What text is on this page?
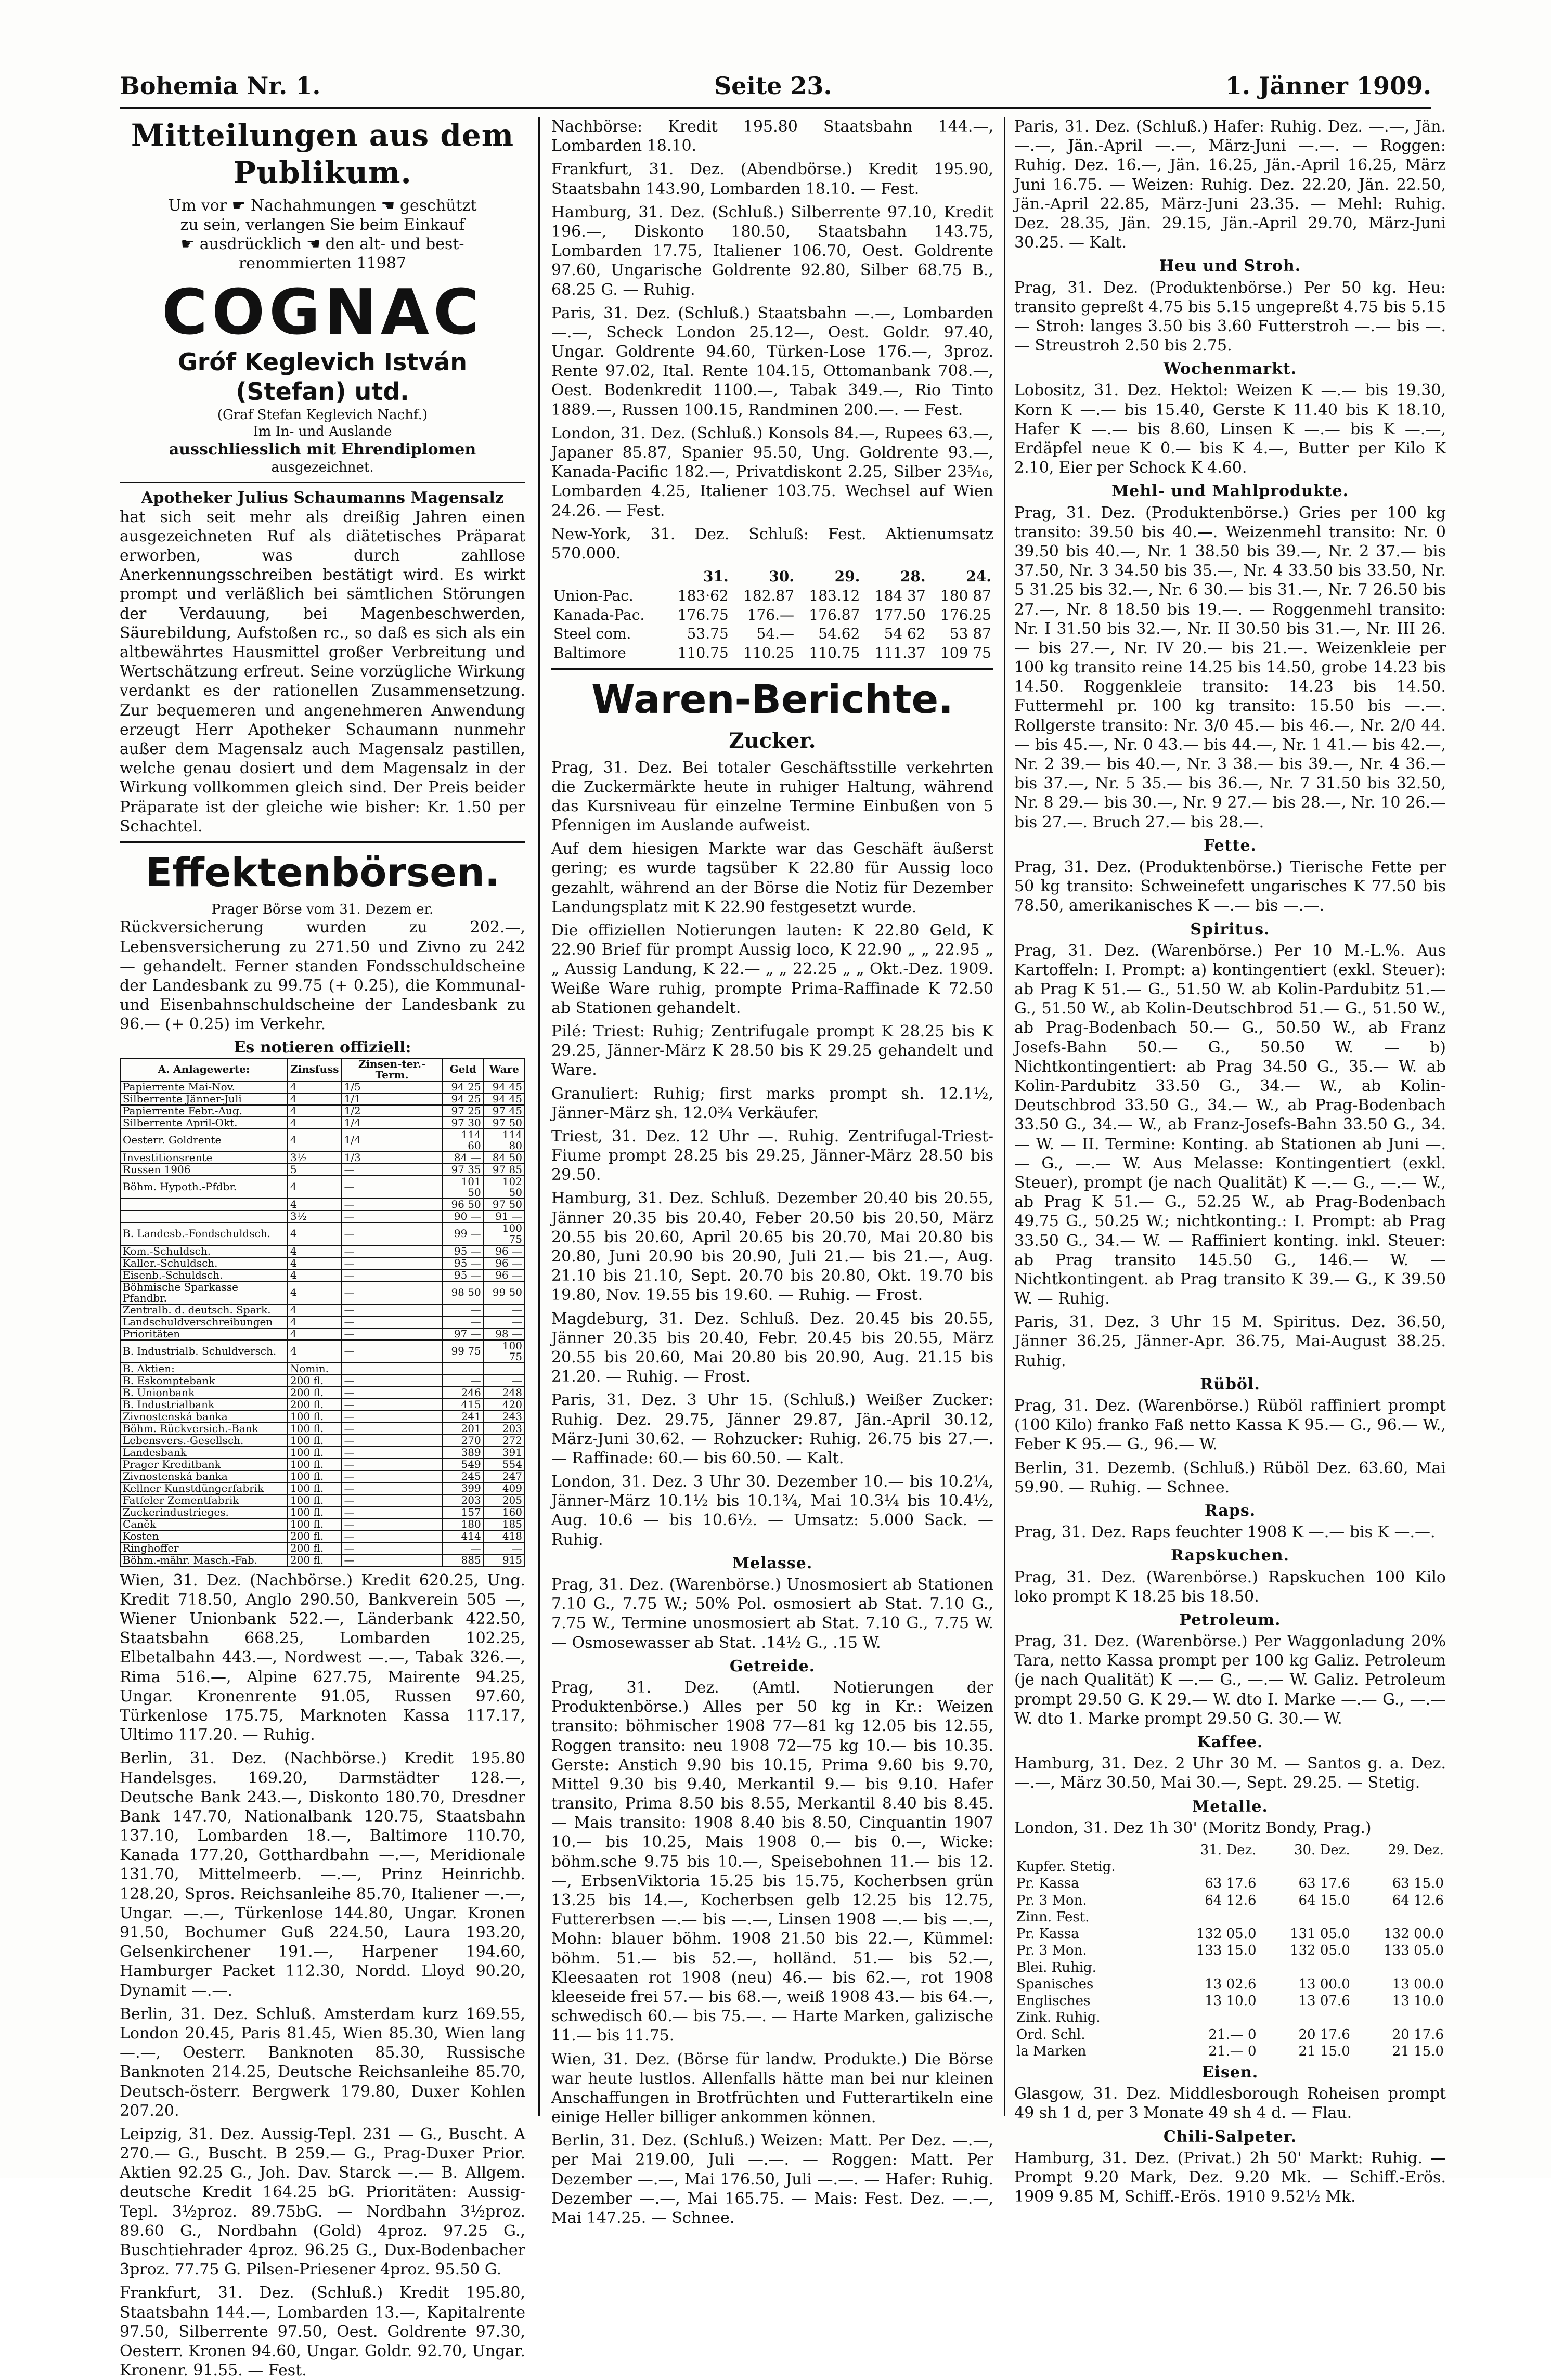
Bohemia Nr. 1.	Seite 23.	1. Jänner 1909.
Mitteilungen aus dem Publikum.

Um vor ☛ Nachahmungen ☚ geschützt

zu sein, verlangen Sie beim Einkauf

☛ ausdrücklich ☚ den alt- und best-

renommierten 11987

COGNAC
Gróf Keglevich István (Stefan) utd.

(Graf Stefan Keglevich Nachf.)

Im In- und Auslande

ausschliesslich mit Ehrendiplomen

ausgezeichnet.

Apotheker Julius Schaumanns Magensalz

hat sich seit mehr als dreißig Jahren einen ausgezeichneten Ruf als diätetisches Präparat erworben, was durch zahllose Anerkennungsschreiben bestätigt wird. Es wirkt prompt und verläßlich bei sämtlichen Störungen der Verdauung, bei Magenbeschwerden, Säurebildung, Aufstoßen rc., so daß es sich als ein altbewährtes Hausmittel großer Verbreitung und Wertschätzung erfreut. Seine vorzügliche Wirkung verdankt es der rationellen Zusammensetzung. Zur bequemeren und angenehmeren Anwendung erzeugt Herr Apotheker Schaumann nunmehr außer dem Magensalz auch Magensalz pastillen, welche genau dosiert und dem Magensalz in der Wirkung vollkommen gleich sind. Der Preis beider Präparate ist der gleiche wie bisher: Kr. 1.50 per Schachtel.

Effektenbörsen.

Prager Börse vom 31. Dezem er.

Rückversicherung wurden zu 202.—, Lebensversicherung zu 271.50 und Zivno zu 242 — gehandelt. Ferner standen Fondsschuldscheine der Landesbank zu 99.75 (+ 0.25), die Kommunal- und Eisenbahnschuldscheine der Landesbank zu 96.— (+ 0.25) im Verkehr.

Es notieren offiziell:

A. Anlagewerte:	Zinsfuss	Zinsen-ter.-Term.	Geld	Ware
Papierrente Mai-Nov.	4	1/5	94 25	94 45
Silberrente Jänner-Juli	4	1/1	94 25	94 45
Papierrente Febr.-Aug.	4	1/2	97 25	97 45
Silberrente April-Okt.	4	1/4	97 30	97 50
Oesterr. Goldrente	4	1/4	114 60	114 80
Investitionsrente	3½	1/3	84 —	84 50
Russen 1906	5	—	97 35	97 85
Böhm. Hypoth.-Pfdbr.	4	—	101 50	102 50
	4	—	96 50	97 50
	3½	—	90 —	91 —
B. Landesb.-Fondschuldsch.	4	—	99 —	100 75
Kom.-Schuldsch.	4	—	95 —	96 —
Kaller.-Schuldsch.	4	—	95 —	96 —
Eisenb.-Schuldsch.	4	—	95 —	96 —
Böhmische Sparkasse Pfandbr.	4	—	98 50	99 50
Zentralb. d. deutsch. Spark.	4	—	—	—
Landschuldverschreibungen	4	—	—	—
Prioritäten	4	—	97 —	98 —
B. Industrialb. Schuldversch.	4	—	99 75	100 75
B. Aktien:	Nomin.			
B. Eskomptebank	200 fl.	—	—	—
B. Unionbank	200 fl.	—	246	248
B. Industrialbank	200 fl.	—	415	420
Zivnostenská banka	100 fl.	—	241	243
Böhm. Rückversich.-Bank	100 fl.	—	201	203
Lebensvers.-Gesellsch.	100 fl.	—	270	272
Landesbank	100 fl.	—	389	391
Prager Kreditbank	100 fl.	—	549	554
Zivnostenská banka	100 fl.	—	245	247
Kellner Kunstdüngerfabrik	100 fl.	—	399	409
Fatfeler Zementfabrik	100 fl.	—	203	205
Zuckerindustrieges.	100 fl.	—	157	160
Caněk	100 fl.	—	180	185
Kosten	200 fl.	—	414	418
Ringhoffer	200 fl.	—	—	—
Böhm.-mähr. Masch.-Fab.	200 fl.	—	885	915

Wien, 31. Dez. (Nachbörse.) Kredit 620.25, Ung. Kredit 718.50, Anglo 290.50, Bankverein 505 —, Wiener Unionbank 522.—, Länderbank 422.50, Staatsbahn 668.25, Lombarden 102.25, Elbetalbahn 443.—, Nordwest —.—, Tabak 326.—, Rima 516.—, Alpine 627.75, Mairente 94.25, Ungar. Kronenrente 91.05, Russen 97.60, Türkenlose 175.75, Marknoten Kassa 117.17, Ultimo 117.20. — Ruhig.

Berlin, 31. Dez. (Nachbörse.) Kredit 195.80 Handelsges. 169.20, Darmstädter 128.—, Deutsche Bank 243.—, Diskonto 180.70, Dresdner Bank 147.70, Nationalbank 120.75, Staatsbahn 137.10, Lombarden 18.—, Baltimore 110.70, Kanada 177.20, Gotthardbahn —.—, Meridionale 131.70, Mittelmeerb. —.—, Prinz Heinrichb. 128.20, Spros. Reichsanleihe 85.70, Italiener —.—, Ungar. —.—, Türkenlose 144.80, Ungar. Kronen 91.50, Bochumer Guß 224.50, Laura 193.20, Gelsenkirchener 191.—, Harpener 194.60, Hamburger Packet 112.30, Nordd. Lloyd 90.20, Dynamit —.—.

Berlin, 31. Dez. Schluß. Amsterdam kurz 169.55, London 20.45, Paris 81.45, Wien 85.30, Wien lang —.—, Oesterr. Banknoten 85.30, Russische Banknoten 214.25, Deutsche Reichsanleihe 85.70, Deutsch-österr. Bergwerk 179.80, Duxer Kohlen 207.20.

Leipzig, 31. Dez. Aussig-Tepl. 231 — G., Buscht. A 270.— G., Buscht. B 259.— G., Prag-Duxer Prior. Aktien 92.25 G., Joh. Dav. Starck —.— B. Allgem. deutsche Kredit 164.25 bG. Prioritäten: Aussig-Tepl. 3½proz. 89.75bG. — Nordbahn 3½proz. 89.60 G., Nordbahn (Gold) 4proz. 97.25 G., Buschtiehrader 4proz. 96.25 G., Dux-Bodenbacher 3proz. 77.75 G. Pilsen-Priesener 4proz. 95.50 G.

Frankfurt, 31. Dez. (Schluß.) Kredit 195.80, Staatsbahn 144.—, Lombarden 13.—, Kapitalrente 97.50, Silberrente 97.50, Oest. Goldrente 97.30, Oesterr. Kronen 94.60, Ungar. Goldr. 92.70, Ungar. Kronenr. 91.55. — Fest.

Nachbörse: Kredit 195.80 Staatsbahn 144.—, Lombarden 18.10.

Frankfurt, 31. Dez. (Abendbörse.) Kredit 195.90, Staatsbahn 143.90, Lombarden 18.10. — Fest.

Hamburg, 31. Dez. (Schluß.) Silberrente 97.10, Kredit 196.—, Diskonto 180.50, Staatsbahn 143.75, Lombarden 17.75, Italiener 106.70, Oest. Goldrente 97.60, Ungarische Goldrente 92.80, Silber 68.75 B., 68.25 G. — Ruhig.

Paris, 31. Dez. (Schluß.) Staatsbahn —.—, Lombarden —.—, Scheck London 25.12—, Oest. Goldr. 97.40, Ungar. Goldrente 94.60, Türken-Lose 176.—, 3proz. Rente 97.02, Ital. Rente 104.15, Ottomanbank 708.—, Oest. Bodenkredit 1100.—, Tabak 349.—, Rio Tinto 1889.—, Russen 100.15, Randminen 200.—. — Fest.

London, 31. Dez. (Schluß.) Konsols 84.—, Rupees 63.—, Japaner 85.87, Spanier 95.50, Ung. Goldrente 93.—, Kanada-Pacific 182.—, Privatdiskont 2.25, Silber 23⁵⁄₁₆, Lombarden 4.25, Italiener 103.75. Wechsel auf Wien 24.26. — Fest.

New-York, 31. Dez. Schluß: Fest. Aktienumsatz 570.000.

	31.	30.	29.	28.	24.
Union-Pac.	183·62	182.87	183.12	184 37	180 87
Kanada-Pac.	176.75	176.—	176.87	177.50	176.25
Steel com.	53.75	54.—	54.62	54 62	53 87
Baltimore	110.75	110.25	110.75	111.37	109 75
Waren-Berichte.
Zucker.

Prag, 31. Dez. Bei totaler Geschäftsstille verkehrten die Zuckermärkte heute in ruhiger Haltung, während das Kursniveau für einzelne Termine Einbußen von 5 Pfennigen im Auslande aufweist.

Auf dem hiesigen Markte war das Geschäft äußerst gering; es wurde tagsüber K 22.80 für Aussig loco gezahlt, während an der Börse die Notiz für Dezember Landungsplatz mit K 22.90 festgesetzt wurde.

Die offiziellen Notierungen lauten: K 22.80 Geld, K 22.90 Brief für prompt Aussig loco, K 22.90 „ „ 22.95 „ „ Aussig Landung, K 22.— „ „ 22.25 „ „ Okt.-Dez. 1909. Weiße Ware ruhig, prompte Prima-Raffinade K 72.50 ab Stationen gehandelt.

Pilé: Triest: Ruhig; Zentrifugale prompt K 28.25 bis K 29.25, Jänner-März K 28.50 bis K 29.25 gehandelt und Ware.

Granuliert: Ruhig; first marks prompt sh. 12.1½, Jänner-März sh. 12.0¾ Verkäufer.

Triest, 31. Dez. 12 Uhr —. Ruhig. Zentrifugal-Triest-Fiume prompt 28.25 bis 29.25, Jänner-März 28.50 bis 29.50.

Hamburg, 31. Dez. Schluß. Dezember 20.40 bis 20.55, Jänner 20.35 bis 20.40, Feber 20.50 bis 20.50, März 20.55 bis 20.60, April 20.65 bis 20.70, Mai 20.80 bis 20.80, Juni 20.90 bis 20.90, Juli 21.— bis 21.—, Aug. 21.10 bis 21.10, Sept. 20.70 bis 20.80, Okt. 19.70 bis 19.80, Nov. 19.55 bis 19.60. — Ruhig. — Frost.

Magdeburg, 31. Dez. Schluß. Dez. 20.45 bis 20.55, Jänner 20.35 bis 20.40, Febr. 20.45 bis 20.55, März 20.55 bis 20.60, Mai 20.80 bis 20.90, Aug. 21.15 bis 21.20. — Ruhig. — Frost.

Paris, 31. Dez. 3 Uhr 15. (Schluß.) Weißer Zucker: Ruhig. Dez. 29.75, Jänner 29.87, Jän.-April 30.12, März-Juni 30.62. — Rohzucker: Ruhig. 26.75 bis 27.—. — Raffinade: 60.— bis 60.50. — Kalt.

London, 31. Dez. 3 Uhr 30. Dezember 10.— bis 10.2¼, Jänner-März 10.1½ bis 10.1¾, Mai 10.3¼ bis 10.4½, Aug. 10.6 — bis 10.6½. — Umsatz: 5.000 Sack. — Ruhig.

Melasse.

Prag, 31. Dez. (Warenbörse.) Unosmosiert ab Stationen 7.10 G., 7.75 W.; 50% Pol. osmosiert ab Stat. 7.10 G., 7.75 W., Termine unosmosiert ab Stat. 7.10 G., 7.75 W. — Osmosewasser ab Stat. .14½ G., .15 W.

Getreide.

Prag, 31. Dez. (Amtl. Notierungen der Produktenbörse.) Alles per 50 kg in Kr.: Weizen transito: böhmischer 1908 77—81 kg 12.05 bis 12.55, Roggen transito: neu 1908 72—75 kg 10.— bis 10.35. Gerste: Anstich 9.90 bis 10.15, Prima 9.60 bis 9.70, Mittel 9.30 bis 9.40, Merkantil 9.— bis 9.10. Hafer transito, Prima 8.50 bis 8.55, Merkantil 8.40 bis 8.45. — Mais transito: 1908 8.40 bis 8.50, Cinquantin 1907 10.— bis 10.25, Mais 1908 0.— bis 0.—, Wicke: böhm.sche 9.75 bis 10.—, Speisebohnen 11.— bis 12.—, ErbsenViktoria 15.25 bis 15.75, Kocherbsen grün 13.25 bis 14.—, Kocherbsen gelb 12.25 bis 12.75, Futtererbsen —.— bis —.—, Linsen 1908 —.— bis —.—, Mohn: blauer böhm. 1908 21.50 bis 22.—, Kümmel: böhm. 51.— bis 52.—, holländ. 51.— bis 52.—, Kleesaaten rot 1908 (neu) 46.— bis 62.—, rot 1908 kleeseide frei 57.— bis 68.—, weiß 1908 43.— bis 64.—, schwedisch 60.— bis 75.—. — Harte Marken, galizische 11.— bis 11.75.

Wien, 31. Dez. (Börse für landw. Produkte.) Die Börse war heute lustlos. Allenfalls hätte man bei nur kleinen Anschaffungen in Brotfrüchten und Futterartikeln eine einige Heller billiger ankommen können.

Berlin, 31. Dez. (Schluß.) Weizen: Matt. Per Dez. —.—, per Mai 219.00, Juli —.—. — Roggen: Matt. Per Dezember —.—, Mai 176.50, Juli —.—. — Hafer: Ruhig. Dezember —.—, Mai 165.75. — Mais: Fest. Dez. —.—, Mai 147.25. — Schnee.

Paris, 31. Dez. (Schluß.) Hafer: Ruhig. Dez. —.—, Jän. —.—, Jän.-April —.—, März-Juni —.—. — Roggen: Ruhig. Dez. 16.—, Jän. 16.25, Jän.-April 16.25, März Juni 16.75. — Weizen: Ruhig. Dez. 22.20, Jän. 22.50, Jän.-April 22.85, März-Juni 23.35. — Mehl: Ruhig. Dez. 28.35, Jän. 29.15, Jän.-April 29.70, März-Juni 30.25. — Kalt.

Heu und Stroh.

Prag, 31. Dez. (Produktenbörse.) Per 50 kg. Heu: transito gepreßt 4.75 bis 5.15 ungepreßt 4.75 bis 5.15 — Stroh: langes 3.50 bis 3.60 Futterstroh —.— bis —.— Streustroh 2.50 bis 2.75.

Wochenmarkt.

Lobositz, 31. Dez. Hektol: Weizen K —.— bis 19.30, Korn K —.— bis 15.40, Gerste K 11.40 bis K 18.10, Hafer K —.— bis 8.60, Linsen K —.— bis K —.—, Erdäpfel neue K 0.— bis K 4.—, Butter per Kilo K 2.10, Eier per Schock K 4.60.

Mehl- und Mahlprodukte.

Prag, 31. Dez. (Produktenbörse.) Gries per 100 kg transito: 39.50 bis 40.—. Weizenmehl transito: Nr. 0 39.50 bis 40.—, Nr. 1 38.50 bis 39.—, Nr. 2 37.— bis 37.50, Nr. 3 34.50 bis 35.—, Nr. 4 33.50 bis 33.50, Nr. 5 31.25 bis 32.—, Nr. 6 30.— bis 31.—, Nr. 7 26.50 bis 27.—, Nr. 8 18.50 bis 19.—. — Roggenmehl transito: Nr. I 31.50 bis 32.—, Nr. II 30.50 bis 31.—, Nr. III 26.— bis 27.—, Nr. IV 20.— bis 21.—. Weizenkleie per 100 kg transito reine 14.25 bis 14.50, grobe 14.23 bis 14.50. Roggenkleie transito: 14.23 bis 14.50. Futtermehl pr. 100 kg transito: 15.50 bis —.—. Rollgerste transito: Nr. 3/0 45.— bis 46.—, Nr. 2/0 44.— bis 45.—, Nr. 0 43.— bis 44.—, Nr. 1 41.— bis 42.—, Nr. 2 39.— bis 40.—, Nr. 3 38.— bis 39.—, Nr. 4 36.— bis 37.—, Nr. 5 35.— bis 36.—, Nr. 7 31.50 bis 32.50, Nr. 8 29.— bis 30.—, Nr. 9 27.— bis 28.—, Nr. 10 26.— bis 27.—. Bruch 27.— bis 28.—.

Fette.

Prag, 31. Dez. (Produktenbörse.) Tierische Fette per 50 kg transito: Schweinefett ungarisches K 77.50 bis 78.50, amerikanisches K —.— bis —.—.

Spiritus.

Prag, 31. Dez. (Warenbörse.) Per 10 M.-L.%. Aus Kartoffeln: I. Prompt: a) kontingentiert (exkl. Steuer): ab Prag K 51.— G., 51.50 W. ab Kolin-Pardubitz 51.— G., 51.50 W., ab Kolin-Deutschbrod 51.— G., 51.50 W., ab Prag-Bodenbach 50.— G., 50.50 W., ab Franz Josefs-Bahn 50.— G., 50.50 W. — b) Nichtkontingentiert: ab Prag 34.50 G., 35.— W. ab Kolin-Pardubitz 33.50 G., 34.— W., ab Kolin-Deutschbrod 33.50 G., 34.— W., ab Prag-Bodenbach 33.50 G., 34.— W., ab Franz-Josefs-Bahn 33.50 G., 34.— W. — II. Termine: Konting. ab Stationen ab Juni —.— G., —.— W. Aus Melasse: Kontingentiert (exkl. Steuer), prompt (je nach Qualität) K —.— G., —.— W., ab Prag K 51.— G., 52.25 W., ab Prag-Bodenbach 49.75 G., 50.25 W.; nichtkonting.: I. Prompt: ab Prag 33.50 G., 34.— W. — Raffiniert konting. inkl. Steuer: ab Prag transito 145.50 G., 146.— W. — Nichtkontingent. ab Prag transito K 39.— G., K 39.50 W. — Ruhig.

Paris, 31. Dez. 3 Uhr 15 M. Spiritus. Dez. 36.50, Jänner 36.25, Jänner-Apr. 36.75, Mai-August 38.25. Ruhig.

Rüböl.

Prag, 31. Dez. (Warenbörse.) Rüböl raffiniert prompt (100 Kilo) franko Faß netto Kassa K 95.— G., 96.— W., Feber K 95.— G., 96.— W.

Berlin, 31. Dezemb. (Schluß.) Rüböl Dez. 63.60, Mai 59.90. — Ruhig. — Schnee.

Raps.

Prag, 31. Dez. Raps feuchter 1908 K —.— bis K —.—.

Rapskuchen.

Prag, 31. Dez. (Warenbörse.) Rapskuchen 100 Kilo loko prompt K 18.25 bis 18.50.

Petroleum.

Prag, 31. Dez. (Warenbörse.) Per Waggonladung 20% Tara, netto Kassa prompt per 100 kg Galiz. Petroleum (je nach Qualität) K —.— G., —.— W. Galiz. Petroleum prompt 29.50 G. K 29.— W. dto I. Marke —.— G., —.— W. dto 1. Marke prompt 29.50 G. 30.— W.

Kaffee.

Hamburg, 31. Dez. 2 Uhr 30 M. — Santos g. a. Dez. —.—, März 30.50, Mai 30.—, Sept. 29.25. — Stetig.

Metalle.

London, 31. Dez 1h 30' (Moritz Bondy, Prag.)

	31. Dez.	30. Dez.	29. Dez.
Kupfer. Stetig.			
Pr. Kassa	63 17.6	63 17.6	63 15.0
Pr. 3 Mon.	64 12.6	64 15.0	64 12.6
Zinn. Fest.			
Pr. Kassa	132 05.0	131 05.0	132 00.0
Pr. 3 Mon.	133 15.0	132 05.0	133 05.0
Blei. Ruhig.			
Spanisches	13 02.6	13 00.0	13 00.0
Englisches	13 10.0	13 07.6	13 10.0
Zink. Ruhig.			
Ord. Schl.	21.— 0	20 17.6	20 17.6
la Marken	21.— 0	21 15.0	21 15.0
Eisen.

Glasgow, 31. Dez. Middlesborough Roheisen prompt 49 sh 1 d, per 3 Monate 49 sh 4 d. — Flau.

Chili-Salpeter.

Hamburg, 31. Dez. (Privat.) 2h 50' Markt: Ruhig. — Prompt 9.20 Mark, Dez. 9.20 Mk. — Schiff.-Erös. 1909 9.85 M, Schiff.-Erös. 1910 9.52½ Mk.
